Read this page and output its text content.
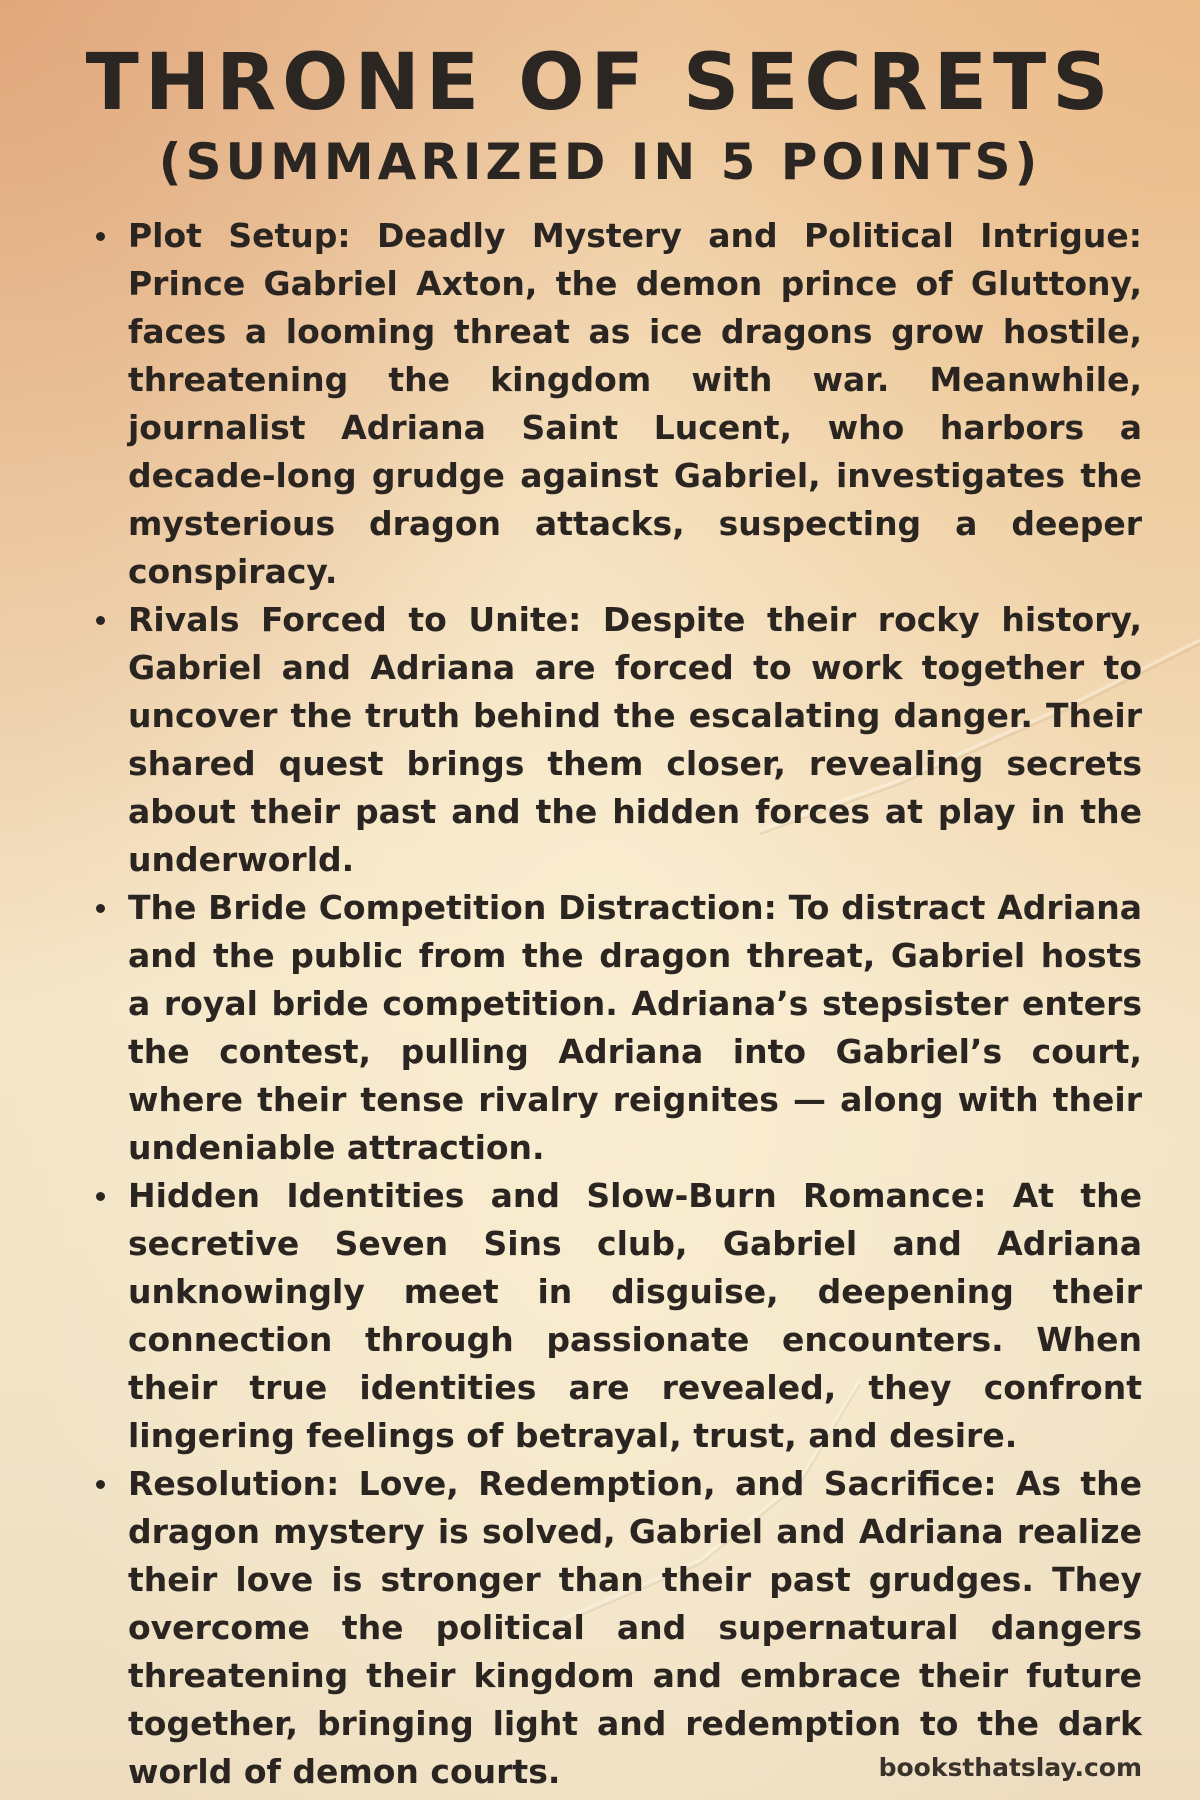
THRONE OF SECRETS
(SUMMARIZED IN 5 POINTS)
Plot Setup: Deadly Mystery and Political Intrigue: Prince Gabriel Axton, the demon prince of Gluttony, faces a looming threat as ice dragons grow hostile, threatening the kingdom with war. Meanwhile, journalist Adriana Saint Lucent, who harbors a decade-long grudge against Gabriel, investigates the mysterious dragon attacks, suspecting a deeper conspiracy.
Rivals Forced to Unite: Despite their rocky history, Gabriel and Adriana are forced to work together to uncover the truth behind the escalating danger. Their shared quest brings them closer, revealing secrets about their past and the hidden forces at play in the underworld.
The Bride Competition Distraction: To distract Adriana and the public from the dragon threat, Gabriel hosts a royal bride competition. Adriana’s stepsister enters the contest, pulling Adriana into Gabriel’s court, where their tense rivalry reignites — along with their undeniable attraction.
Hidden Identities and Slow-Burn Romance: At the secretive Seven Sins club, Gabriel and Adriana unknowingly meet in disguise, deepening their connection through passionate encounters. When their true identities are revealed, they confront lingering feelings of betrayal, trust, and desire.
Resolution: Love, Redemption, and Sacrifice: As the dragon mystery is solved, Gabriel and Adriana realize their love is stronger than their past grudges. They overcome the political and supernatural dangers threatening their kingdom and embrace their future together, bringing light and redemption to the dark world of demon courts.	booksthatslay.com
